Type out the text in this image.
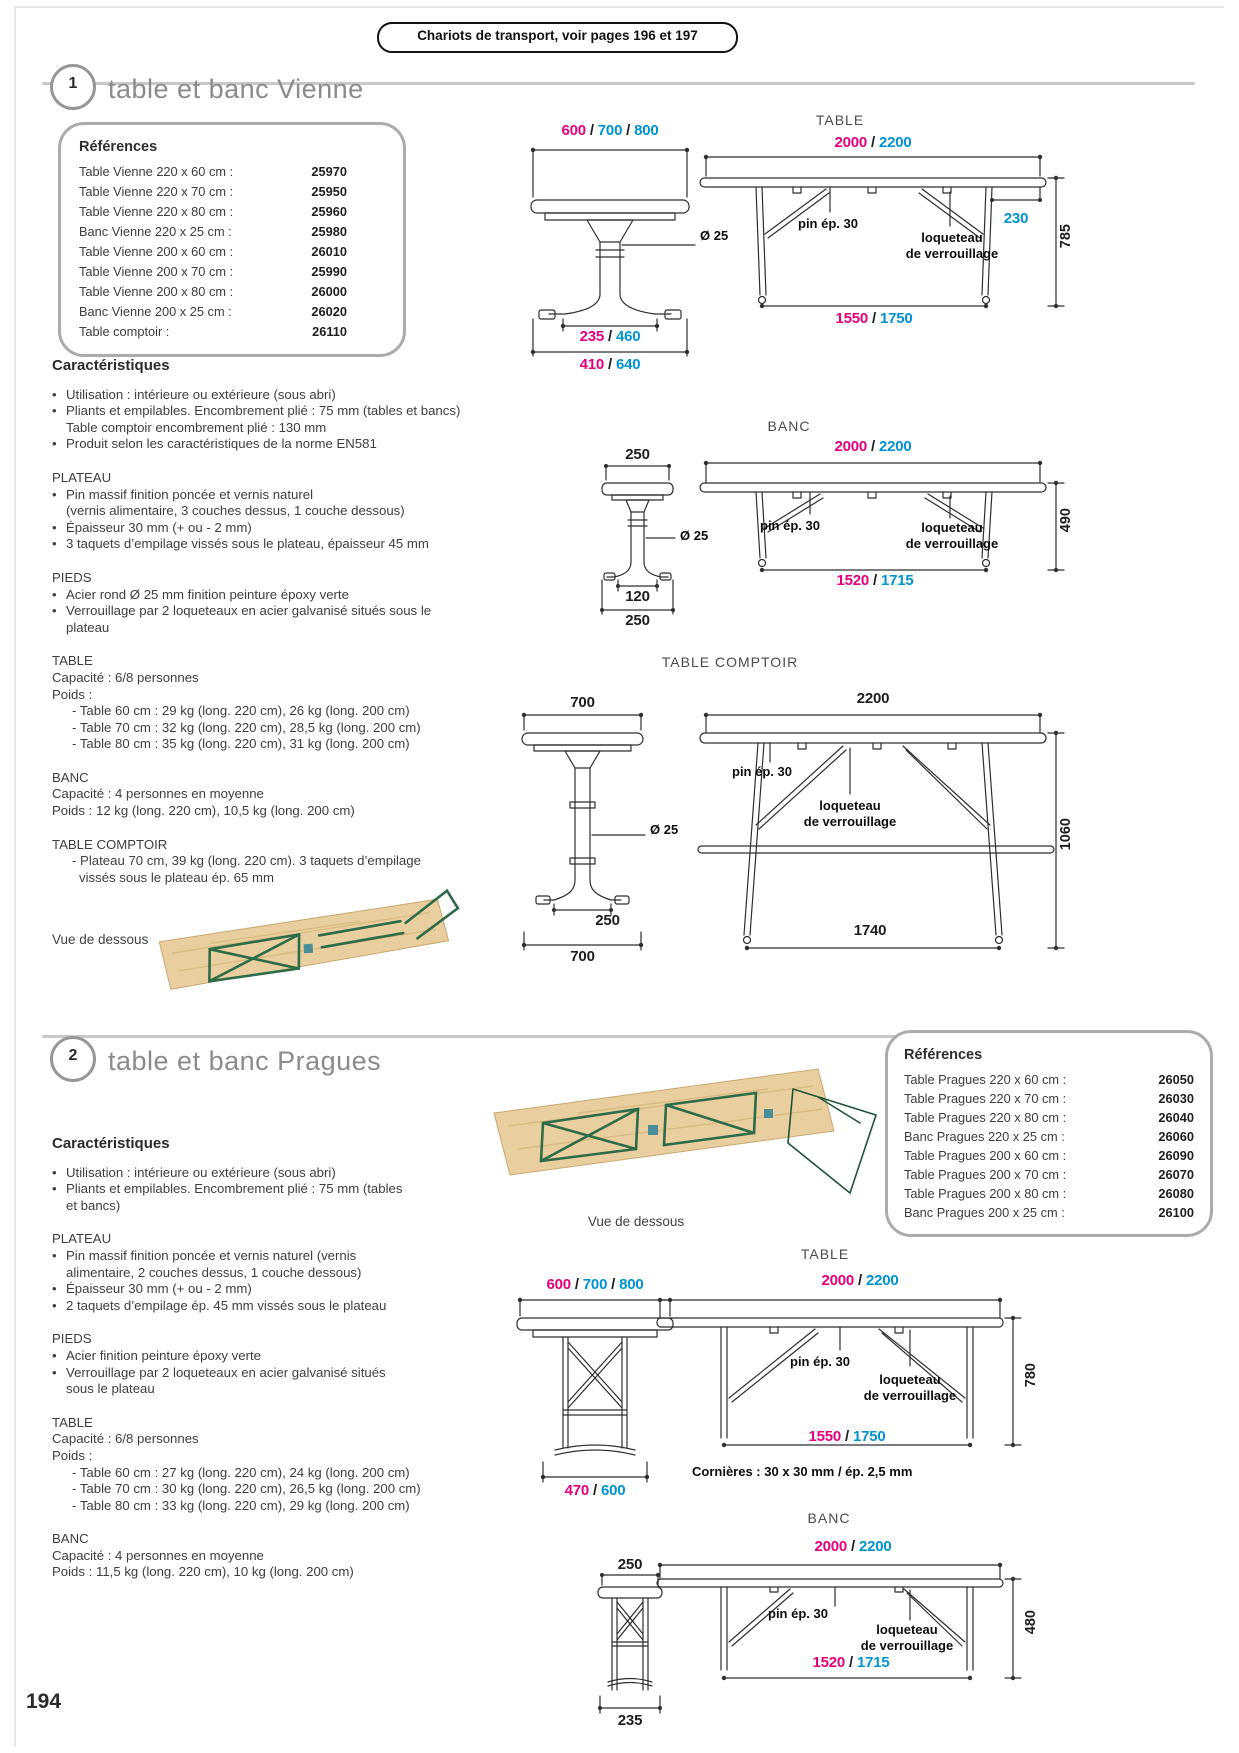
Chariots de transport, voir pages 196 et 197
1	table et banc Vienne
Références
Table Vienne 220 x 60 cm :	25970
Table Vienne 220 x 70 cm :	25950
Table Vienne 220 x 80 cm :	25960
Banc Vienne 220 x 25 cm :	25980
Table Vienne 200 x 60 cm :	26010
Table Vienne 200 x 70 cm :	25990
Table Vienne 200 x 80 cm :	26000
Banc Vienne 200 x 25 cm :	26020
Table comptoir :	26110
Caractéristiques
• Utilisation : intérieure ou extérieure (sous abri)
• Pliants et empilables. Encombrement plié : 75 mm (tables et bancs)
Table comptoir encombrement plié : 130 mm
• Produit selon les caractéristiques de la norme EN581
PLATEAU
• Pin massif finition poncée et vernis naturel
(vernis alimentaire, 3 couches dessus, 1 couche dessous)
• Épaisseur 30 mm (+ ou - 2 mm)
• 3 taquets d’empilage vissés sous le plateau, épaisseur 45 mm
PIEDS
• Acier rond Ø 25 mm finition peinture époxy verte
• Verrouillage par 2 loqueteaux en acier galvanisé situés sous le
plateau
TABLE
Capacité : 6/8 personnes
Poids :
- Table 60 cm : 29 kg (long. 220 cm), 26 kg (long. 200 cm)
- Table 70 cm : 32 kg (long. 220 cm), 28,5 kg (long. 200 cm)
- Table 80 cm : 35 kg (long. 220 cm), 31 kg (long. 200 cm)
BANC
Capacité : 4 personnes en moyenne
Poids : 12 kg (long. 220 cm), 10,5 kg (long. 200 cm)
TABLE COMPTOIR
- Plateau 70 cm, 39 kg (long. 220 cm). 3 taquets d’empilage
vissés sous le plateau ép. 65 mm
Vue de dessous
600 / 700 / 800
Ø 25
235 / 460
410 / 640
TABLE
2000 / 2200
pin ép. 30
loqueteau
de verrouillage
230
785
1550 / 1750
BANC
250
Ø 25
120
250
2000 / 2200
pin ép. 30	loqueteau
de verrouillage
490
1520 / 1715
TABLE COMPTOIR
700
Ø 25
250
700
2200
pin ép. 30
loqueteau
de verrouillage	1060
1740
2	table et banc Pragues
Vue de dessous
Références
Table Pragues 220 x 60 cm :	26050
Table Pragues 220 x 70 cm :	26030
Table Pragues 220 x 80 cm :	26040
Banc Pragues 220 x 25 cm :	26060
Table Pragues 200 x 60 cm :	26090
Table Pragues 200 x 70 cm :	26070
Table Pragues 200 x 80 cm :	26080
Banc Pragues 200 x 25 cm :	26100
Caractéristiques
• Utilisation : intérieure ou extérieure (sous abri)
• Pliants et empilables. Encombrement plié : 75 mm (tables
et bancs)
PLATEAU
• Pin massif finition poncée et vernis naturel (vernis
alimentaire, 2 couches dessus, 1 couche dessous)
• Épaisseur 30 mm (+ ou - 2 mm)
• 2 taquets d’empilage ép. 45 mm vissés sous le plateau
PIEDS
• Acier finition peinture époxy verte
• Verrouillage par 2 loqueteaux en acier galvanisé situés
sous le plateau
TABLE
Capacité : 6/8 personnes
Poids :
- Table 60 cm : 27 kg (long. 220 cm), 24 kg (long. 200 cm)
- Table 70 cm : 30 kg (long. 220 cm), 26,5 kg (long. 200 cm)
- Table 80 cm : 33 kg (long. 220 cm), 29 kg (long. 200 cm)
BANC
Capacité : 4 personnes en moyenne
Poids : 11,5 kg (long. 220 cm), 10 kg (long. 200 cm)
600 / 700 / 800
470 / 600
TABLE
2000 / 2200
pin ép. 30
loqueteau
de verrouillage
780
1550 / 1750
Cornières : 30 x 30 mm / ép. 2,5 mm
BANC
250
235
2000 / 2200
pin ép. 30
loqueteau
de verrouillage
480
1520 / 1715
194
